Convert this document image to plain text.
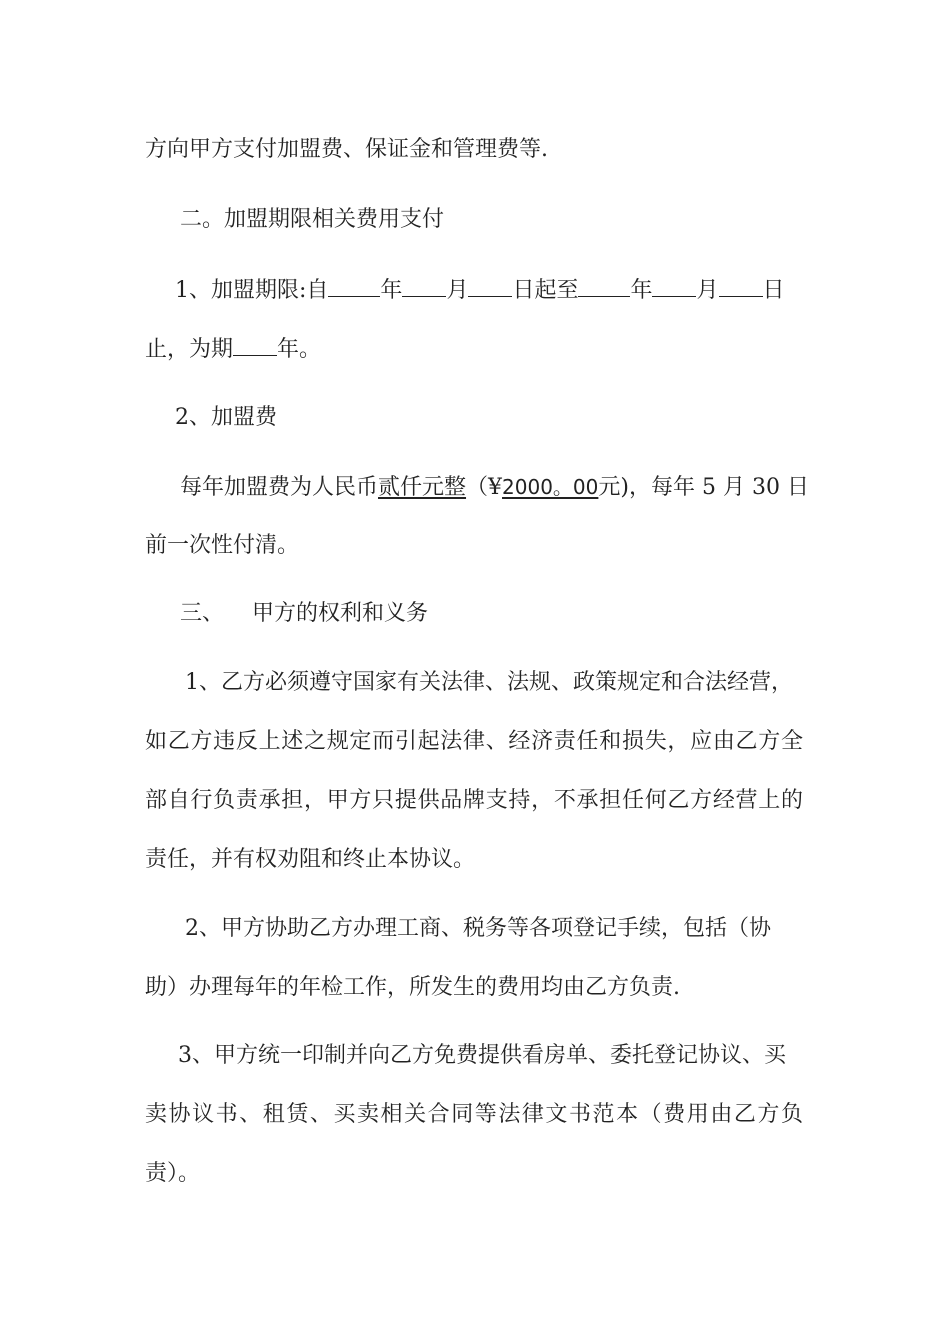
方向甲方支付加盟费、保证金和管理费等.
二。加盟期限相关费用支付
1、加盟期限:自 年 月 日起至 年 月 日
止，为期 年。
2、加盟费
每年加盟费为人民币贰仟元整（¥2000。00元)，每年 5 月 30 日
前一次性付清。
三、    甲方的权利和义务
1、乙方必须遵守国家有关法律、法规、政策规定和合法经营，
如乙方违反上述之规定而引起法律、经济责任和损失，应由乙方全
部自行负责承担，甲方只提供品牌支持，不承担任何乙方经营上的
责任，并有权劝阻和终止本协议。
2、甲方协助乙方办理工商、税务等各项登记手续，包括（协
助）办理每年的年检工作，所发生的费用均由乙方负责.
3、甲方统一印制并向乙方免费提供看房单、委托登记协议、买
卖协议书、租赁、买卖相关合同等法律文书范本（费用由乙方负
责）。
